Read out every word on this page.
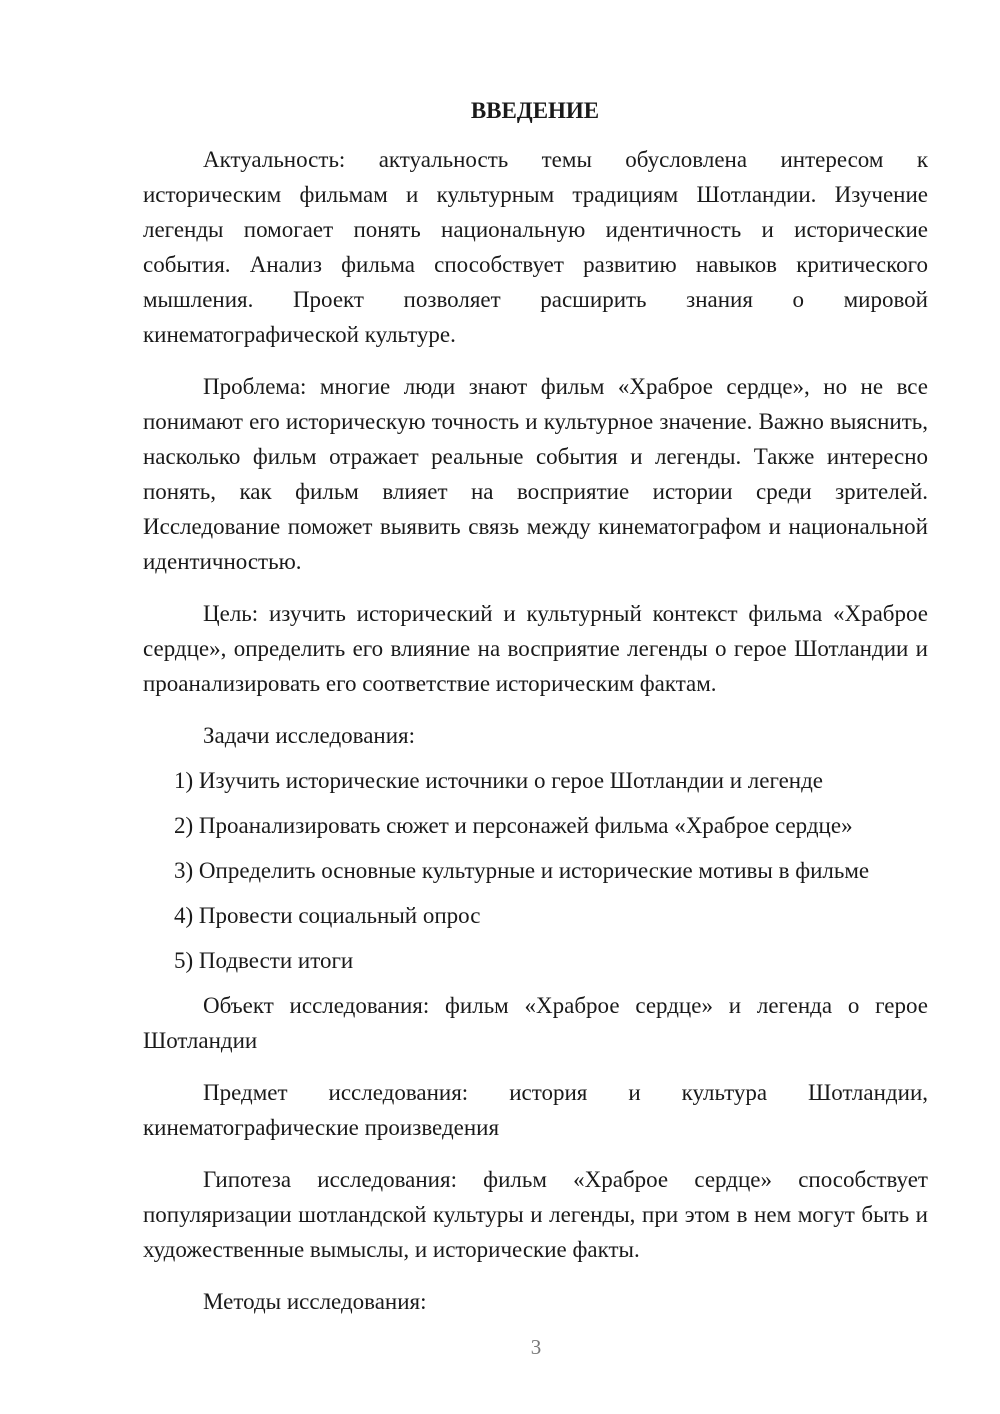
ВВЕДЕНИЕ

Актуальность: актуальность темы обусловлена интересом к историческим фильмам и культурным традициям Шотландии. Изучение легенды помогает понять национальную идентичность и исторические события. Анализ фильма способствует развитию навыков критического мышления. Проект позволяет расширить знания о мировой кинематографической культуре.

Проблема: многие люди знают фильм «Храброе сердце», но не все понимают его историческую точность и культурное значение. Важно выяснить, насколько фильм отражает реальные события и легенды. Также интересно понять, как фильм влияет на восприятие истории среди зрителей. Исследование поможет выявить связь между кинематографом и национальной идентичностью.

Цель: изучить исторический и культурный контекст фильма «Храброе сердце», определить его влияние на восприятие легенды о герое Шотландии и проанализировать его соответствие историческим фактам.

Задачи исследования:

1) Изучить исторические источники о герое Шотландии и легенде
2) Проанализировать сюжет и персонажей фильма «Храброе сердце»
3) Определить основные культурные и исторические мотивы в фильме
4) Провести социальный опрос
5) Подвести итоги

Объект исследования: фильм «Храброе сердце» и легенда о герое Шотландии

Предмет исследования: история и культура Шотландии, кинематографические произведения

Гипотеза исследования: фильм «Храброе сердце» способствует популяризации шотландской культуры и легенды, при этом в нем могут быть и художественные вымыслы, и исторические факты.

Методы исследования:

3
